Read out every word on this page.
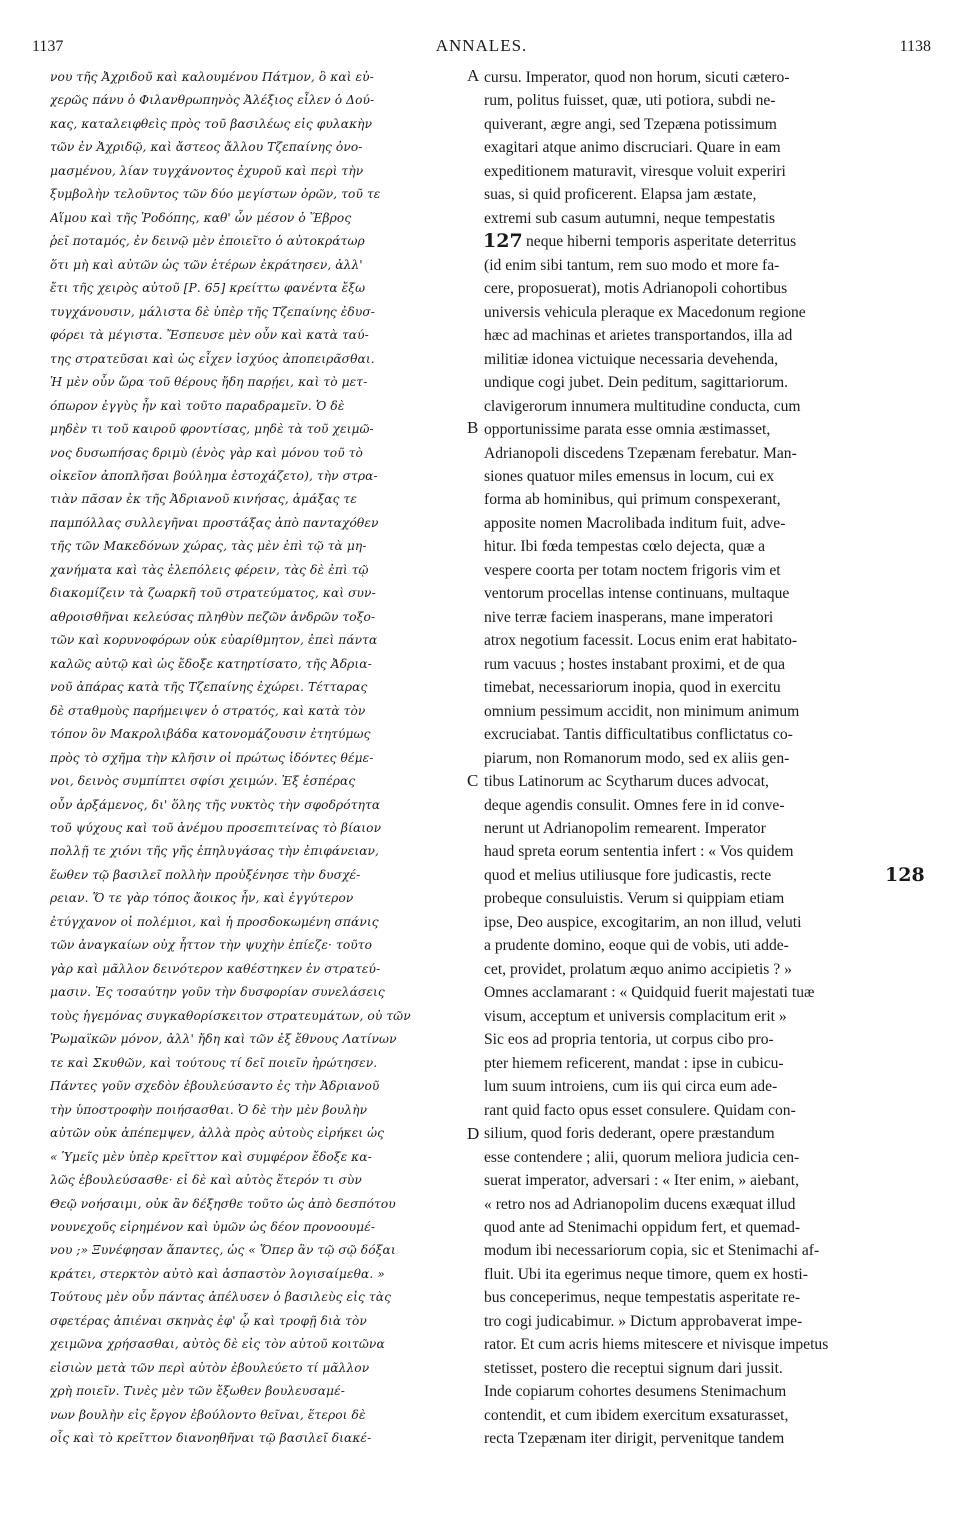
1137	ANNALES.	1138
νου τῆς Ἀχριδοῦ καὶ καλουμένου Πάτμον, ὃ καὶ εὐ-
χερῶς πάνυ ὁ Φιλανθρωπηνὸς Ἀλέξιος εἶλεν ὁ Δού-
κας, καταλειφθεὶς πρὸς τοῦ βασιλέως εἰς φυλακὴν
τῶν ἐν Ἀχριδῷ, καὶ ἄστεος ἄλλου Τζεπαίνης ὀνο-
μασμένου, λίαν τυγχάνοντος ἐχυροῦ καὶ περὶ τὴν
ξυμβολὴν τελοῦντος τῶν δύο μεγίστων ὀρῶν, τοῦ τε
Αἵμου καὶ τῆς Ῥοδόπης, καθ' ὧν μέσον ὁ Ἕβρος
ῥεῖ ποταμός, ἐν δεινῷ μὲν ἐποιεῖτο ὁ αὐτοκράτωρ
ὅτι μὴ καὶ αὐτῶν ὡς τῶν ἑτέρων ἐκράτησεν, ἀλλ'
ἔτι τῆς χειρὸς αὐτοῦ [Ρ. 65] κρείττω φανέντα ἔξω
τυγχάνουσιν, μάλιστα δὲ ὑπὲρ τῆς Τζεπαίνης ἐδυσ-
φόρει τὰ μέγιστα. Ἔσπευσε μὲν οὖν καὶ κατὰ ταύ-
της στρατεῦσαι καὶ ὡς εἶχεν ἰσχύος ἀποπειρᾶσθαι.
Ἡ μὲν οὖν ὥρα τοῦ θέρους ἤδη παρῄει, καὶ τὸ μετ-
όπωρον ἐγγὺς ἦν καὶ τοῦτο παραδραμεῖν. Ὁ δὲ
μηδὲν τι τοῦ καιροῦ φροντίσας, μηδὲ τὰ τοῦ χειμῶ-
νος δυσωπήσας δριμὺ (ἑνὸς γὰρ καὶ μόνου τοῦ τὸ
οἰκεῖον ἀποπλῆσαι βούλημα ἐστοχάζετο), τὴν στρα-
τιὰν πᾶσαν ἐκ τῆς Ἀδριανοῦ κινήσας, ἁμάξας τε
παμπόλλας συλλεγῆναι προστάξας ἀπὸ πανταχόθεν
τῆς τῶν Μακεδόνων χώρας, τὰς μὲν ἐπὶ τῷ τὰ μη-
χανήματα καὶ τὰς ἑλεπόλεις φέρειν, τὰς δὲ ἐπὶ τῷ
διακομίζειν τὰ ζωαρκῆ τοῦ στρατεύματος, καὶ συν-
αθροισθῆναι κελεύσας πληθὺν πεζῶν ἀνδρῶν τοξο-
τῶν καὶ κορυνοφόρων οὐκ εὐαρίθμητον, ἐπεὶ πάντα
καλῶς αὐτῷ καὶ ὡς ἔδοξε κατηρτίσατο, τῆς Ἀδρια-
νοῦ ἀπάρας κατὰ τῆς Τζεπαίνης ἐχώρει. Τέτταρας
δὲ σταθμοὺς παρήμειψεν ὁ στρατός, καὶ κατὰ τὸν
τόπον ὃν Μακρολιβάδα κατονομάζουσιν ἐτητύμως
πρὸς τὸ σχῆμα τὴν κλῆσιν οἱ πρώτως ἰδόντες θέμε-
νοι, δεινὸς συμπίπτει σφίσι χειμών. Ἐξ ἑσπέρας
οὖν ἀρξάμενος, δι' ὅλης τῆς νυκτὸς τὴν σφοδρότητα
τοῦ ψύχους καὶ τοῦ ἀνέμου προσεπιτείνας τὸ βίαιον
πολλῇ τε χιόνι τῆς γῆς ἐπηλυγάσας τὴν ἐπιφάνειαν,
ἕωθεν τῷ βασιλεῖ πολλὴν προὐξένησε τὴν δυσχέ-
ρειαν. Ὅ τε γὰρ τόπος ἄοικος ἦν, καὶ ἐγγύτερον
ἐτύγχανον οἱ πολέμιοι, καὶ ἡ προσδοκωμένη σπάνις
τῶν ἀναγκαίων οὐχ ἧττον τὴν ψυχὴν ἐπίεζε· τοῦτο
γὰρ καὶ μᾶλλον δεινότερον καθέστηκεν ἐν στρατεύ-
μασιν. Ἐς τοσαύτην γοῦν τὴν δυσφορίαν συνελάσεις
τοὺς ἡγεμόνας συγκαθορίσκειτον στρατευμάτων, οὐ τῶν
Ῥωμαϊκῶν μόνον, ἀλλ' ἤδη καὶ τῶν ἐξ ἔθνους Λατίνων
τε καὶ Σκυθῶν, καὶ τούτους τί δεῖ ποιεῖν ἠρώτησεν.
Πάντες γοῦν σχεδὸν ἐβουλεύσαντο ἐς τὴν Ἀδριανοῦ
τὴν ὑποστροφὴν ποιήσασθαι. Ὁ δὲ τὴν μὲν βουλὴν
αὐτῶν οὐκ ἀπέπεμψεν, ἀλλὰ πρὸς αὐτοὺς εἰρήκει ὡς
« Ὑμεῖς μὲν ὑπὲρ κρεῖττον καὶ συμφέρον ἔδοξε κα-
λῶς ἐβουλεύσασθε· εἰ δὲ καὶ αὐτὸς ἕτερόν τι σὺν
Θεῷ νοήσαιμι, οὐκ ἂν δέξησθε τοῦτο ὡς ἀπὸ δεσπότου
νουνεχοῦς εἰρημένον καὶ ὑμῶν ὡς δέον προνοουμέ-
νου ;» Ξυνέφησαν ἅπαντες, ὡς « Ὅπερ ἂν τῷ σῷ δόξαι
κράτει, στερκτὸν αὐτὸ καὶ ἀσπαστὸν λογισαίμεθα. »
Τούτους μὲν οὖν πάντας ἀπέλυσεν ὁ βασιλεὺς εἰς τὰς
σφετέρας ἀπιέναι σκηνὰς ἐφ' ᾧ καὶ τροφῇ διὰ τὸν
χειμῶνα χρήσασθαι, αὐτὸς δὲ εἰς τὸν αὐτοῦ κοιτῶνα
εἰσιὼν μετὰ τῶν περὶ αὐτὸν ἐβουλεύετο τί μᾶλλον
χρὴ ποιεῖν. Τινὲς μὲν τῶν ἔξωθεν βουλευσαμέ-
νων βουλὴν εἰς ἔργον ἐβούλοντο θεῖναι, ἕτεροι δὲ
οἷς καὶ τὸ κρεῖττον διανοηθῆναι τῷ βασιλεῖ διακέ-
cursu. Imperator, quod non horum, sicuti cætero-
rum, politus fuisset, quæ, uti potiora, subdi ne-
quiverant, ægre angi, sed Tzepæna potissimum
exagitari atque animo discruciari. Quare in eam
expeditionem maturavit, viresque voluit experiri
suas, si quid proficerent. Elapsa jam æstate,
extremi sub casum autumni, neque tempestatis
neque hiberni temporis asperitate deterritus
(id enim sibi tantum, rem suo modo et more fa-
cere, proposuerat), motis Adrianopoli cohortibus
universis vehicula pleraque ex Macedonum regione
hæc ad machinas et arietes transportandos, illa ad
militiæ idonea victuique necessaria devehenda,
undique cogi jubet. Dein peditum, sagittariorum.
clavigerorum innumera multitudine conducta, cum
opportunissime parata esse omnia æstimasset,
Adrianopoli discedens Tzepænam ferebatur. Man-
siones quatuor miles emensus in locum, cui ex
forma ab hominibus, qui primum conspexerant,
apposite nomen Macrolibada inditum fuit, adve-
hitur. Ibi fœda tempestas cœlo dejecta, quæ a
vespere coorta per totam noctem frigoris vim et
ventorum procellas intense continuans, multaque
nive terræ faciem inasperans, mane imperatori
atrox negotium facessit. Locus enim erat habitato-
rum vacuus ; hostes instabant proximi, et de qua
timebat, necessariorum inopia, quod in exercitu
omnium pessimum accidit, non minimum animum
excruciabat. Tantis difficultatibus conflictatus co-
piarum, non Romanorum modo, sed ex aliis gen-
tibus Latinorum ac Scytharum duces advocat,
deque agendis consulit. Omnes fere in id conve-
nerunt ut Adrianopolim remearent. Imperator
haud spreta eorum sententia infert : « Vos quidem
quod et melius utiliusque fore judicastis, recte
probeque consuluistis. Verum si quippiam etiam
ipse, Deo auspice, excogitarim, an non illud, veluti
a prudente domino, eoque qui de vobis, uti adde-
cet, providet, prolatum æquo animo accipietis ? »
Omnes acclamarant : « Quidquid fuerit majestati tuæ
visum, acceptum et universis complacitum erit »
Sic eos ad propria tentoria, ut corpus cibo pro-
pter hiemem reficerent, mandat : ipse in cubicu-
lum suum introiens, cum iis qui circa eum ade-
rant quid facto opus esset consulere. Quidam con-
silium, quod foris dederant, opere præstandum
esse contendere ; alii, quorum meliora judicia cen-
suerat imperator, adversari : « Iter enim, » aiebant,
« retro nos ad Adrianopolim ducens exæquat illud
quod ante ad Stenimachi oppidum fert, et quemad-
modum ibi necessariorum copia, sic et Stenimachi af-
fluit. Ubi ita egerimus neque timore, quem ex hosti-
bus conceperimus, neque tempestatis asperitate re-
tro cogi judicabimur. » Dictum approbaverat impe-
rator. Et cum acris hiems mitescere et nivisque impetus
stetisset, postero die receptui signum dari jussit.
Inde copiarum cohortes desumens Stenimachum
contendit, et cum ibidem exercitum exsaturasset,
recta Tzepænam iter dirigit, pervenitque tandem
A
B
C
D
127
128
